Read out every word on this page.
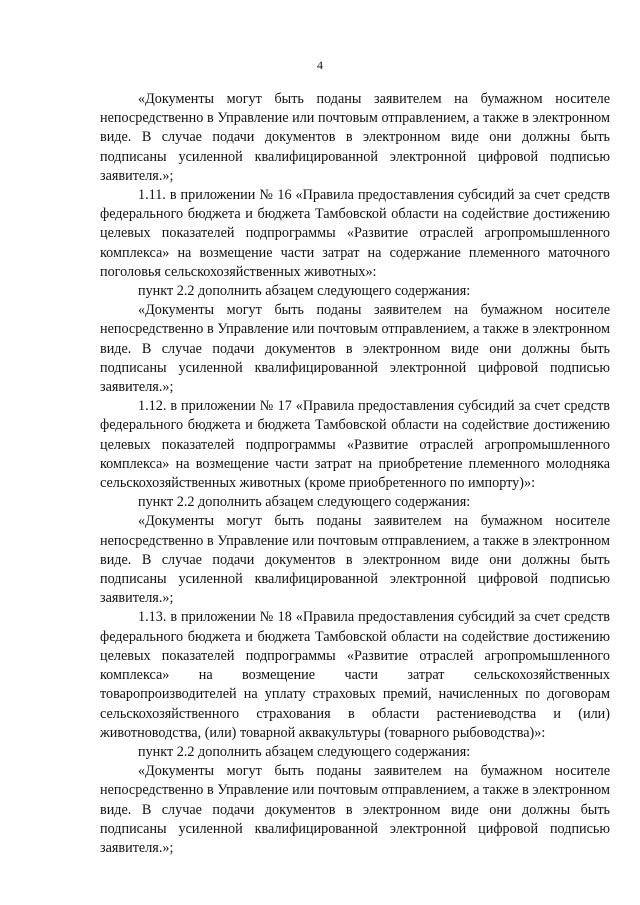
4

«Документы могут быть поданы заявителем на бумажном носителе непосредственно в Управление или почтовым отправлением, а также в электронном виде. В случае подачи документов в электронном виде они должны быть подписаны усиленной квалифицированной электронной цифровой подписью заявителя.»;

1.11. в приложении № 16 «Правила предоставления субсидий за счет средств федерального бюджета и бюджета Тамбовской области на содействие достижению целевых показателей подпрограммы «Развитие отраслей агропромышленного комплекса» на возмещение части затрат на содержание племенного маточного поголовья сельскохозяйственных животных»:

пункт 2.2 дополнить абзацем следующего содержания:

«Документы могут быть поданы заявителем на бумажном носителе непосредственно в Управление или почтовым отправлением, а также в электронном виде. В случае подачи документов в электронном виде они должны быть подписаны усиленной квалифицированной электронной цифровой подписью заявителя.»;

1.12. в приложении № 17 «Правила предоставления субсидий за счет средств федерального бюджета и бюджета Тамбовской области на содействие достижению целевых показателей подпрограммы «Развитие отраслей агропромышленного комплекса» на возмещение части затрат на приобретение племенного молодняка сельскохозяйственных животных (кроме приобретенного по импорту)»:

пункт 2.2 дополнить абзацем следующего содержания:

«Документы могут быть поданы заявителем на бумажном носителе непосредственно в Управление или почтовым отправлением, а также в электронном виде. В случае подачи документов в электронном виде они должны быть подписаны усиленной квалифицированной электронной цифровой подписью заявителя.»;

1.13. в приложении № 18 «Правила предоставления субсидий за счет средств федерального бюджета и бюджета Тамбовской области на содействие достижению целевых показателей подпрограммы «Развитие отраслей агропромышленного комплекса» на возмещение части затрат сельскохозяйственных товаропроизводителей на уплату страховых премий, начисленных по договорам сельскохозяйственного страхования в области растениеводства и (или) животноводства, (или) товарной аквакультуры (товарного рыбоводства)»:

пункт 2.2 дополнить абзацем следующего содержания:

«Документы могут быть поданы заявителем на бумажном носителе непосредственно в Управление или почтовым отправлением, а также в электронном виде. В случае подачи документов в электронном виде они должны быть подписаны усиленной квалифицированной электронной цифровой подписью заявителя.»;
